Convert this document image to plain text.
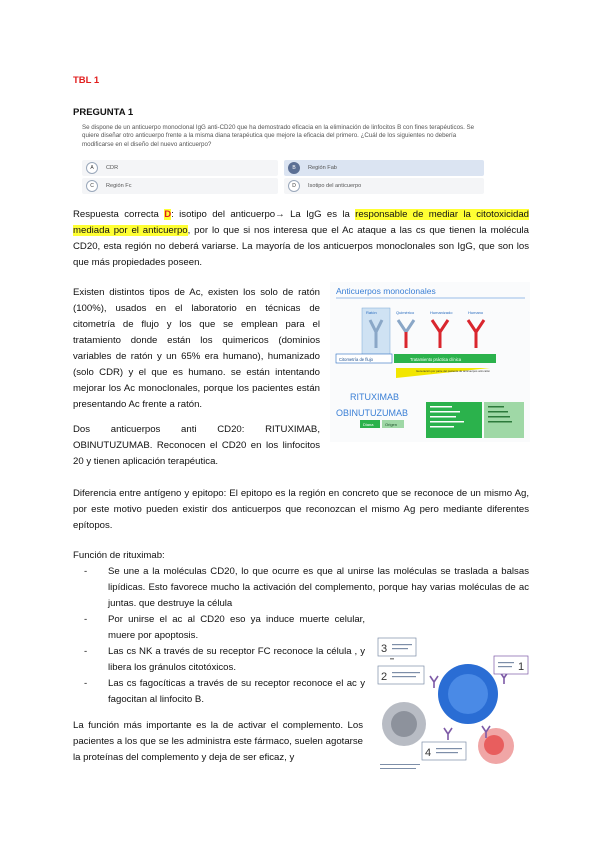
TBL 1
PREGUNTA 1
Se dispone de un anticuerpo monoclonal IgG anti-CD20 que ha demostrado eficacia en la eliminación de linfocitos B con fines terapéuticos. Se quiere diseñar otro anticuerpo frente a la misma diana terapéutica que mejore la eficacia del primero. ¿Cuál de los siguientes no debería modificarse en el diseño del nuevo anticuerpo?
A	CDR	B	Región Fab
C	Región Fc	D	Isotipo del anticuerpo
Respuesta correcta D: isotipo del anticuerpo→ La IgG es la responsable de mediar la citotoxicidad mediada por el anticuerpo, por lo que si nos interesa que el Ac ataque a las cs que tienen la molécula CD20, esta región no deberá variarse. La mayoría de los anticuerpos monoclonales son IgG, que son los que más propiedades poseen.
Existen distintos tipos de Ac, existen los solo de ratón (100%), usados en el laboratorio en técnicas de citometría de flujo y los que se emplean para el tratamiento donde están los quimericos (dominios variables de ratón y un 65% era humano), humanizado (solo CDR) y el que es humano. se están intentando mejorar los Ac monoclonales, porque los pacientes están presentando Ac frente a ratón.
Dos anticuerpos anti CD20: RITUXIMAB, OBINUTUZUMAB. Reconocen el CD20 en los linfocitos 20 y tienen aplicación terapéutica.
Anticuerpos monoclonales
Ratón	Quimérico	Humanizado	Humano
Citometría de flujo	Tratamiento práctica clínica
Generación por parte del paciente de anticuerpos anti-ratón
RITUXIMAB
OBINUTUZUMAB
Diana	Origen
Diferencia entre antígeno y epitopo: El epitopo es la región en concreto que se reconoce de un mismo Ag, por este motivo pueden existir dos anticuerpos que reconozcan el mismo Ag pero mediante diferentes epítopos.
Función de rituximab:
- Se une a la moléculas CD20, lo que ocurre es que al unirse las moléculas se traslada a balsas lipídicas. Esto favorece mucho la activación del complemento, porque hay varias moléculas de ac juntas. que destruye la célula
- Por unirse el ac al CD20 eso ya induce muerte celular, muere por apoptosis.
- Las cs NK a través de su receptor FC reconoce la célula , y libera los gránulos citotóxicos.
- Las cs fagocíticas a través de su receptor reconoce el ac y fagocitan al linfocito B.
La función más importante es la de activar el complemento. Los pacientes a los que se les administra este fármaco, suelen agotarse la proteínas del complemento y deja de ser eficaz, y
3
2
1
4
